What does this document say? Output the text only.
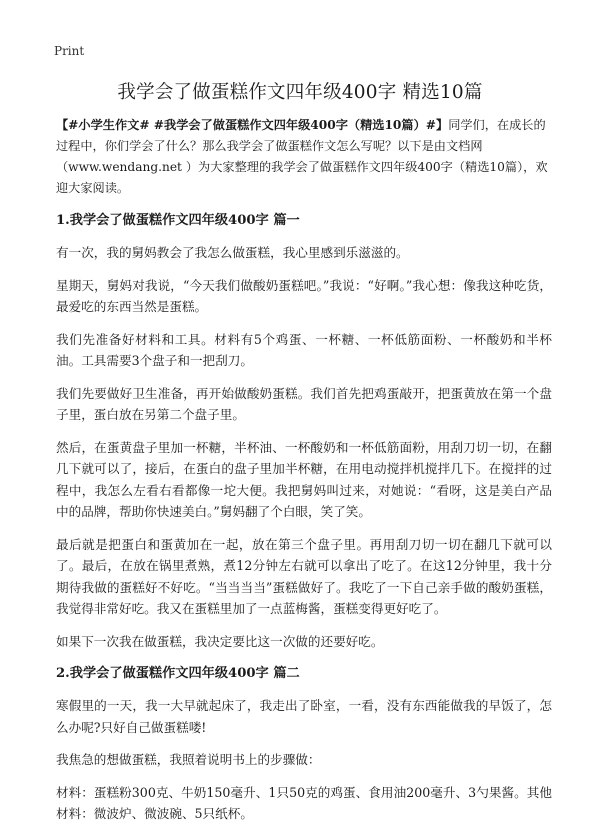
Print
我学会了做蛋糕作文四年级400字 精选10篇
【#小学生作文# #我学会了做蛋糕作文四年级400字（精选10篇）#】同学们，在成长的过程中，你们学会了什么？那么我学会了做蛋糕作文怎么写呢？以下是由文档网（www.wendang.net ）为大家整理的我学会了做蛋糕作文四年级400字（精选10篇），欢迎大家阅读。
1.我学会了做蛋糕作文四年级400字 篇一
有一次，我的舅妈教会了我怎么做蛋糕，我心里感到乐滋滋的。
星期天，舅妈对我说，“今天我们做酸奶蛋糕吧。”我说：“好啊。”我心想：像我这种吃货，最爱吃的东西当然是蛋糕。
我们先准备好材料和工具。材料有5个鸡蛋、一杯糖、一杯低筋面粉、一杯酸奶和半杯油。工具需要3个盘子和一把刮刀。
我们先要做好卫生准备，再开始做酸奶蛋糕。我们首先把鸡蛋敲开，把蛋黄放在第一个盘子里，蛋白放在另第二个盘子里。
然后，在蛋黄盘子里加一杯糖，半杯油、一杯酸奶和一杯低筋面粉，用刮刀切一切，在翻几下就可以了，接后，在蛋白的盘子里加半杯糖，在用电动搅拌机搅拌几下。在搅拌的过程中，我怎么左看右看都像一坨大便。我把舅妈叫过来，对她说：“看呀，这是美白产品中的品牌，帮助你快速美白。”舅妈翻了个白眼，笑了笑。
最后就是把蛋白和蛋黄加在一起，放在第三个盘子里。再用刮刀切一切在翻几下就可以了。最后，在放在锅里煮熟，煮12分钟左右就可以拿出了吃了。在这12分钟里，我十分期待我做的蛋糕好不好吃。“当当当当”蛋糕做好了。我吃了一下自己亲手做的酸奶蛋糕，我觉得非常好吃。我又在蛋糕里加了一点蓝梅酱，蛋糕变得更好吃了。
如果下一次我在做蛋糕，我决定要比这一次做的还要好吃。
2.我学会了做蛋糕作文四年级400字 篇二
寒假里的一天，我一大早就起床了，我走出了卧室，一看，没有东西能做我的早饭了，怎么办呢?只好自己做蛋糕喽!
我焦急的想做蛋糕，我照着说明书上的步骤做：
材料：蛋糕粉300克、牛奶150毫升、1只50克的鸡蛋、食用油200毫升、3勺果酱。其他材料：微波炉、微波碗、5只纸杯。
